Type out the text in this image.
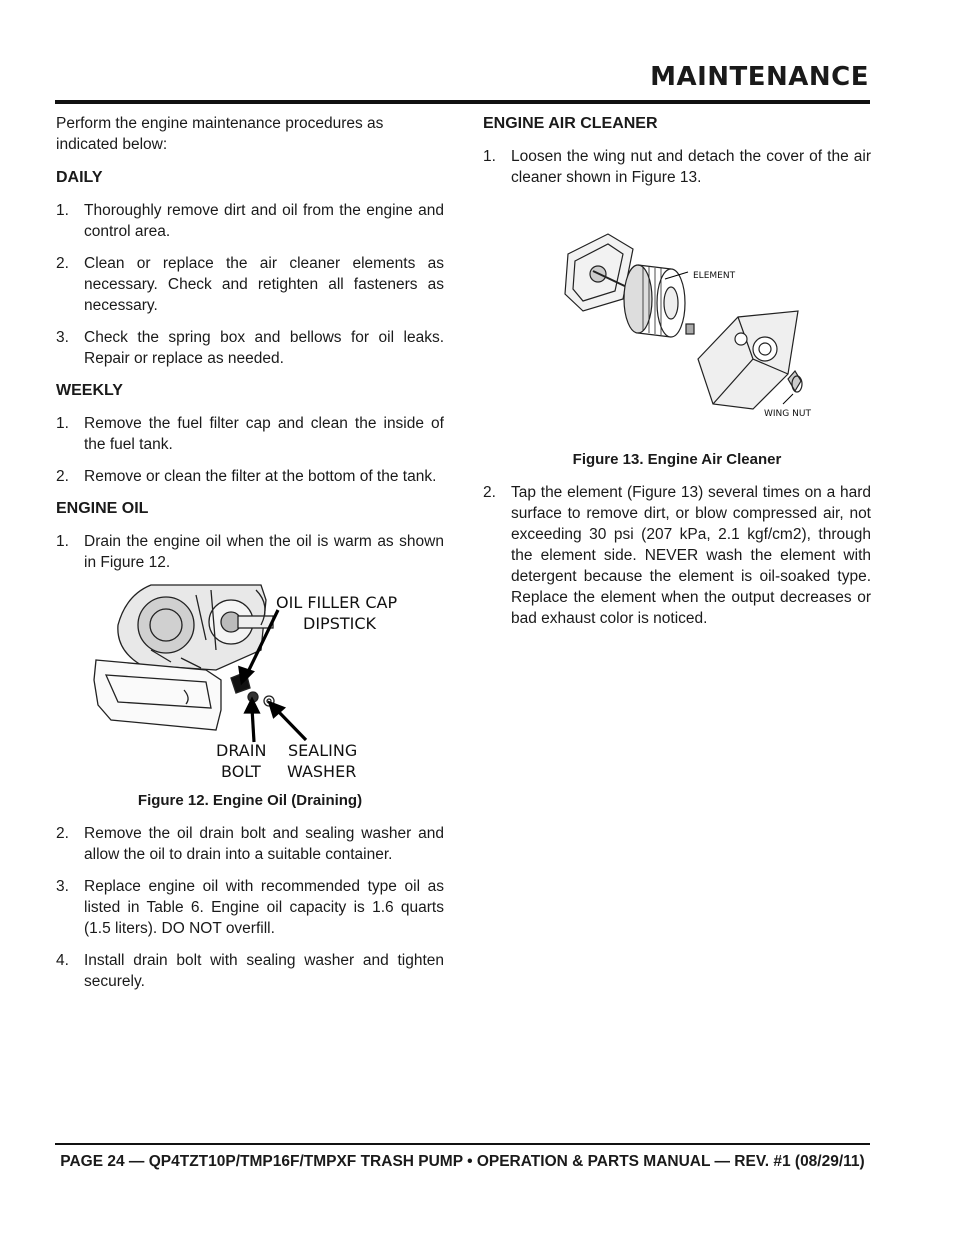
MAINTENANCE

Perform the engine maintenance procedures as indicated below:

DAILY
1. Thoroughly remove dirt and oil from the engine and control area.
2. Clean or replace the air cleaner elements as necessary. Check and retighten all fasteners as necessary.
3. Check the spring box and bellows for oil leaks. Repair or replace as needed.
WEEKLY
1. Remove the fuel filter cap and clean the inside of the fuel tank.
2. Remove or clean the filter at the bottom of the tank.
ENGINE OIL
1. Drain the engine oil when the oil is warm as shown in Figure 12.
OIL FILLER CAP
DIPSTICK
DRAIN
BOLT
SEALING
WASHER
Figure 12. Engine Oil (Draining)
2. Remove the oil drain bolt and sealing washer and allow the oil to drain into a suitable container.
3. Replace engine oil with recommended type oil as listed in Table 6. Engine oil capacity is 1.6 quarts (1.5 liters). DO NOT overfill.
4. Install drain bolt with sealing washer and tighten securely.
ENGINE AIR CLEANER
1. Loosen the wing nut and detach the cover of the air cleaner shown in Figure 13.
ELEMENT
WING NUT
Figure 13. Engine Air Cleaner
2. Tap the element (Figure 13) several times on a hard surface to remove dirt, or blow compressed air, not exceeding 30 psi (207 kPa, 2.1 kgf/cm2), through the element side. NEVER wash the element with detergent because the element is oil-soaked type. Replace the element when the output decreases or bad exhaust color is noticed.
PAGE 24 — QP4TZT10P/TMP16F/TMPXF TRASH PUMP • OPERATION & PARTS MANUAL — REV. #1 (08/29/11)
